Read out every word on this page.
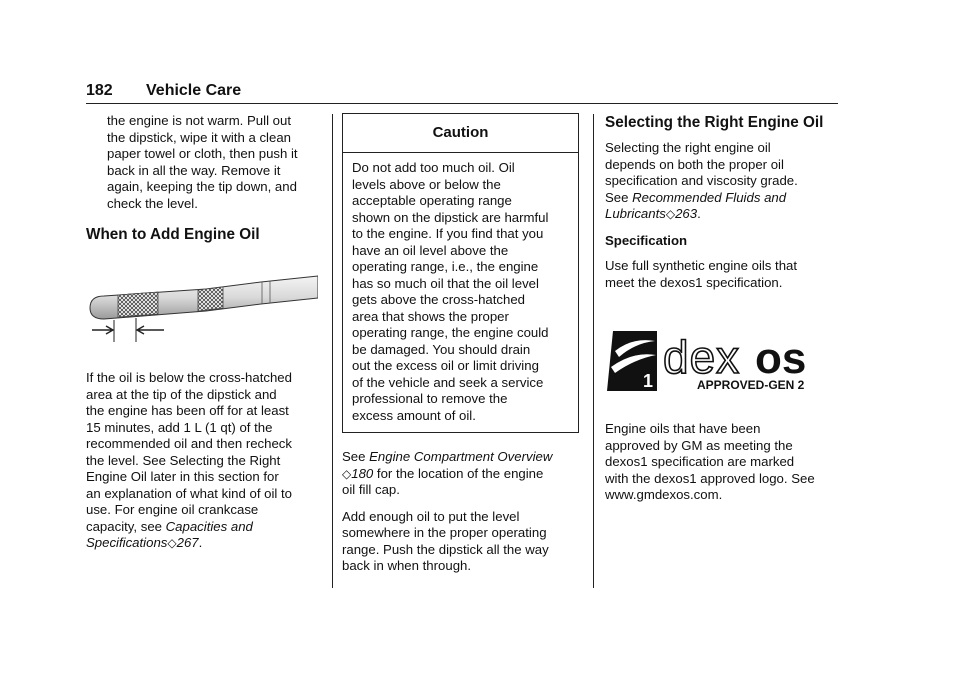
182 Vehicle Care

the engine is not warm. Pull out
the dipstick, wipe it with a clean
paper towel or cloth, then push it
back in all the way. Remove it
again, keeping the tip down, and
check the level.

When to Add Engine Oil

If the oil is below the cross-hatched
area at the tip of the dipstick and
the engine has been off for at least
15 minutes, add 1 L (1 qt) of the
recommended oil and then recheck
the level. See Selecting the Right
Engine Oil later in this section for
an explanation of what kind of oil to
use. For engine oil crankcase
capacity, see Capacities and
Specifications◇267.

Caution
Do not add too much oil. Oil
levels above or below the
acceptable operating range
shown on the dipstick are harmful
to the engine. If you find that you
have an oil level above the
operating range, i.e., the engine
has so much oil that the oil level
gets above the cross-hatched
area that shows the proper
operating range, the engine could
be damaged. You should drain
out the excess oil or limit driving
of the vehicle and seek a service
professional to remove the
excess amount of oil.

See Engine Compartment Overview
◇180 for the location of the engine
oil fill cap.

Add enough oil to put the level
somewhere in the proper operating
range. Push the dipstick all the way
back in when through.

Selecting the Right Engine Oil

Selecting the right engine oil
depends on both the proper oil
specification and viscosity grade.
See Recommended Fluids and
Lubricants◇263.

Specification

Use full synthetic engine oils that
meet the dexos1 specification.

1 dex os
APPROVED-GEN 2

Engine oils that have been
approved by GM as meeting the
dexos1 specification are marked
with the dexos1 approved logo. See
www.gmdexos.com.
